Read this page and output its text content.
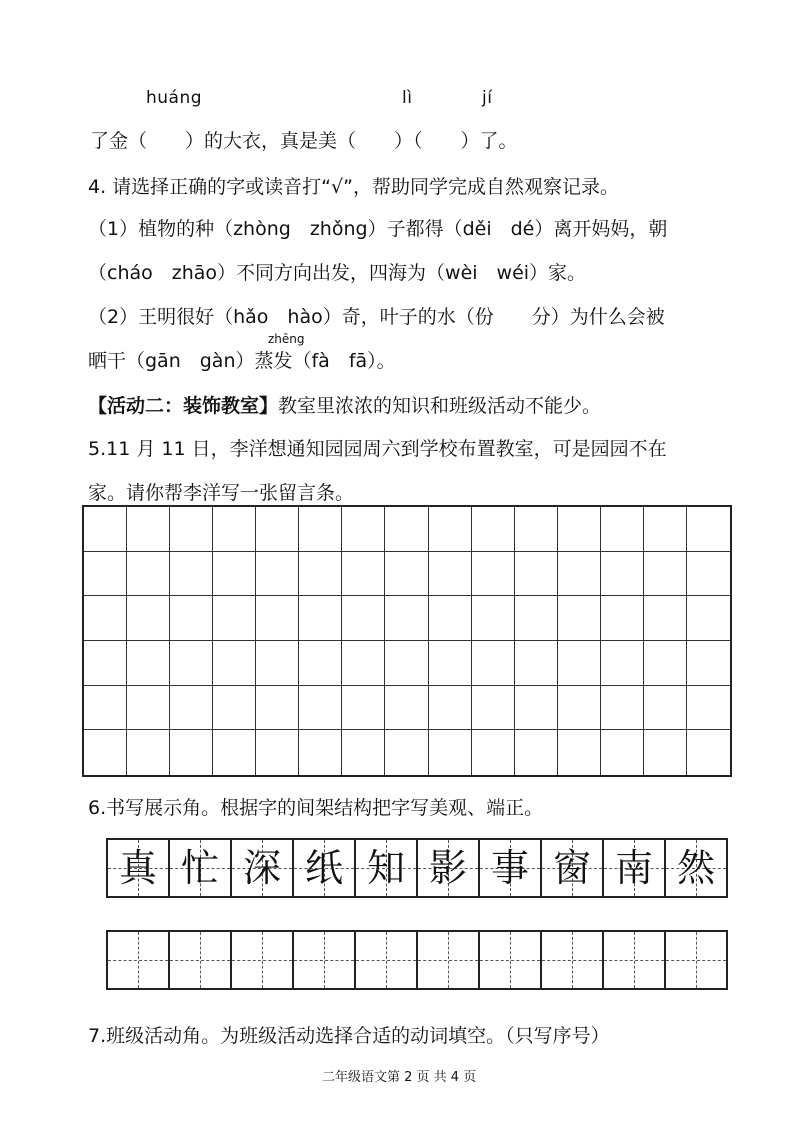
huáng	lì	jí
了金（　　）的大衣，真是美（　　）（　　）了。
4. 请选择正确的字或读音打“√”，帮助同学完成自然观察记录。
（1）植物的种（zhòng　zhǒng）子都得（děi　dé）离开妈妈，朝
（cháo　zhāo）不同方向出发，四海为（wèi　wéi）家。
（2）王明很好（hǎo　hào）奇，叶子的水（份　　分）为什么会被
zhēng
晒干（gān　gàn）蒸发（fà　fā）。
【活动二：装饰教室】教室里浓浓的知识和班级活动不能少。
5.11 月 11 日，李洋想通知园园周六到学校布置教室，可是园园不在
家。请你帮李洋写一张留言条。
6.书写展示角。根据字的间架结构把字写美观、端正。
真 忙 深 纸 知 影 事 窗 南 然
7.班级活动角。为班级活动选择合适的动词填空。（只写序号）
二年级语文第 2 页 共 4 页
